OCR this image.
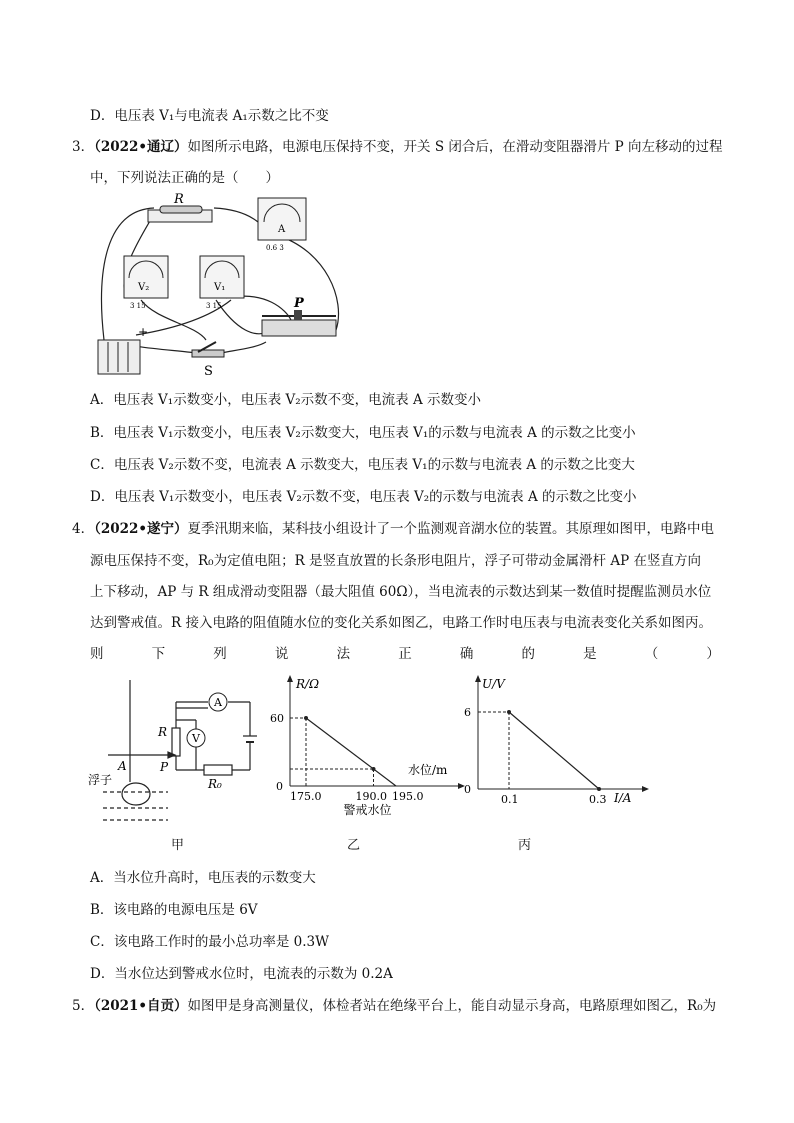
D．电压表 V₁与电流表 A₁示数之比不变
3．（2022•通辽）如图所示电路，电源电压保持不变，开关 S 闭合后，在滑动变阻器滑片 P 向左移动的过程
中，下列说法正确的是（　　）
R
A
0.6 3
V₂
3 15
V₁
3 15	P
+
S
A．电压表 V₁示数变小，电压表 V₂示数不变，电流表 A 示数变小
B．电压表 V₁示数变小，电压表 V₂示数变大，电压表 V₁的示数与电流表 A 的示数之比变小
C．电压表 V₂示数不变，电流表 A 示数变大，电压表 V₁的示数与电流表 A 的示数之比变大
D．电压表 V₁示数变小，电压表 V₂示数不变，电压表 V₂的示数与电流表 A 的示数之比变小
4．（2022•遂宁）夏季汛期来临，某科技小组设计了一个监测观音湖水位的装置。其原理如图甲，电路中电
源电压保持不变，R₀为定值电阻；R 是竖直放置的长条形电阻片，浮子可带动金属滑杆 AP 在竖直方向
上下移动，AP 与 R 组成滑动变阻器（最大阻值 60Ω），当电流表的示数达到某一数值时提醒监测员水位
达到警戒值。R 接入电路的阻值随水位的变化关系如图乙，电路工作时电压表与电流表变化关系如图丙。
则	下	列	说	法	正	确	的	是	（	）
A
V
R
P
A
R₀
浮子
甲
R/Ω
水位/m
60
0
175.0	190.0 195.0
警戒水位
乙
U/V
I/A
6
0
0.1	0.3
丙
A．当水位升高时，电压表的示数变大
B．该电路的电源电压是 6V
C．该电路工作时的最小总功率是 0.3W
D．当水位达到警戒水位时，电流表的示数为 0.2A
5．（2021•自贡）如图甲是身高测量仪，体检者站在绝缘平台上，能自动显示身高，电路原理如图乙，R₀为
